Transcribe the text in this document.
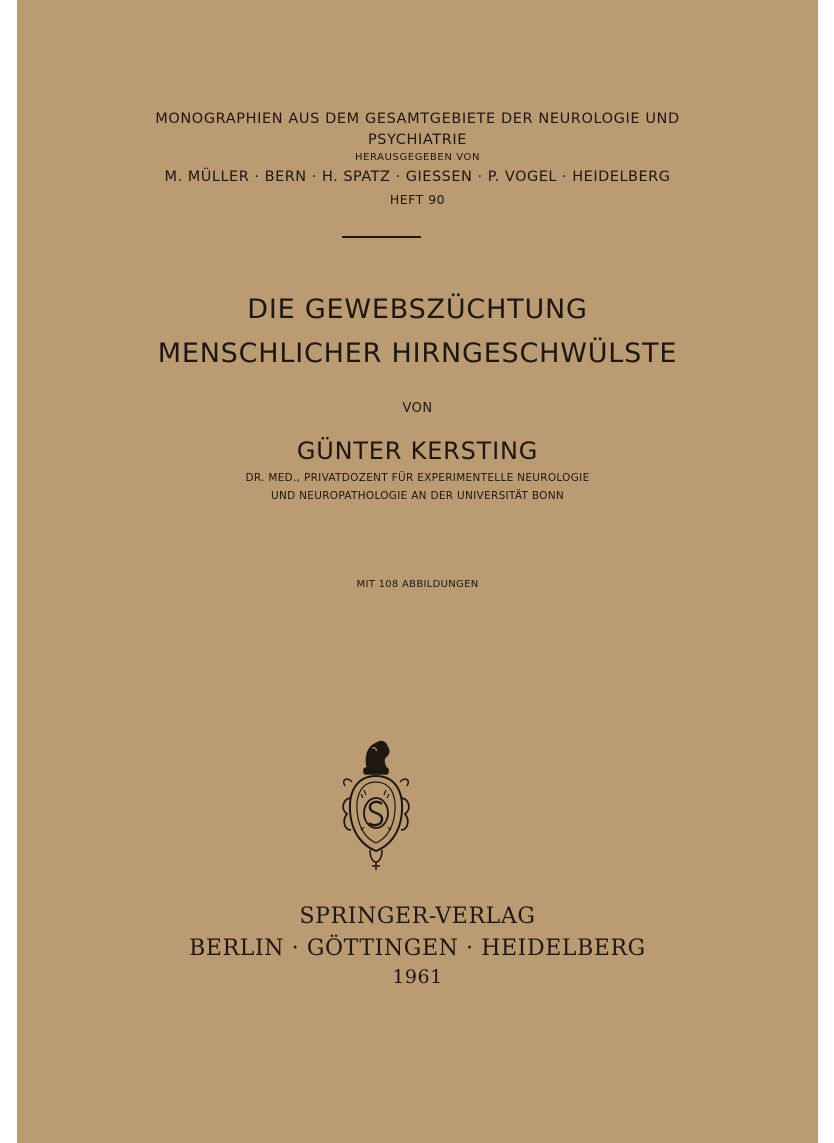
MONOGRAPHIEN AUS DEM GESAMTGEBIETE DER NEUROLOGIE UND
PSYCHIATRIE
HERAUSGEGEBEN VON
M. MÜLLER · BERN · H. SPATZ · GIESSEN · P. VOGEL · HEIDELBERG
HEFT 90
DIE GEWEBSZÜCHTUNG
MENSCHLICHER HIRNGESCHWÜLSTE
VON
GÜNTER KERSTING
DR. MED., PRIVATDOZENT FÜR EXPERIMENTELLE NEUROLOGIE
UND NEUROPATHOLOGIE AN DER UNIVERSITÄT BONN
MIT 108 ABBILDUNGEN
SPRINGER-VERLAG
BERLIN · GÖTTINGEN · HEIDELBERG
1961
